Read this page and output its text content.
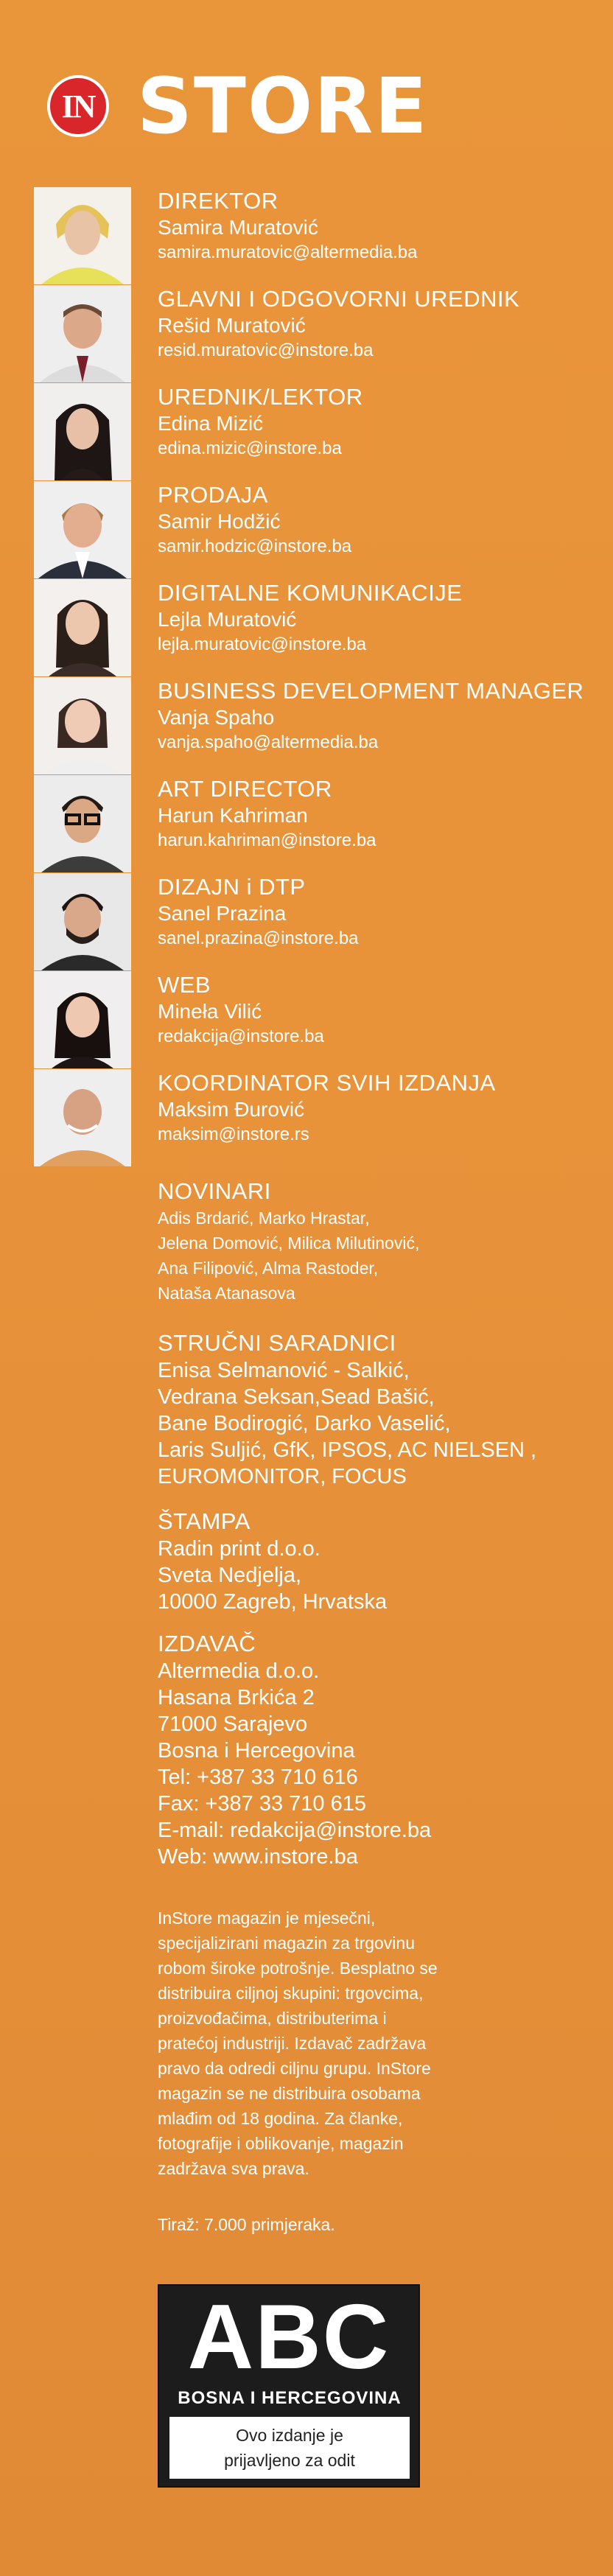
IN STORE
DIREKTOR
Samira Muratović
samira.muratovic@altermedia.ba
GLAVNI I ODGOVORNI UREDNIK
Rešid Muratović
resid.muratovic@instore.ba
UREDNIK/LEKTOR
Edina Mizić
edina.mizic@instore.ba
PRODAJA
Samir Hodžić
samir.hodzic@instore.ba
DIGITALNE KOMUNIKACIJE
Lejla Muratović
lejla.muratovic@instore.ba
BUSINESS DEVELOPMENT MANAGER
Vanja Spaho
vanja.spaho@altermedia.ba
ART DIRECTOR
Harun Kahriman
harun.kahriman@instore.ba
DIZAJN i DTP
Sanel Prazina
sanel.prazina@instore.ba
WEB
Mineła Vilić
redakcija@instore.ba
KOORDINATOR SVIH IZDANJA
Maksim Đurović
maksim@instore.rs
NOVINARI
Adis Brdarić, Marko Hrastar,
Jelena Domović, Milica Milutinović,
Ana Filipović, Alma Rastoder,
Nataša Atanasova
STRUČNI SARADNICI
Enisa Selmanović - Salkić,
Vedrana Seksan,Sead Bašić,
Bane Bodirogić, Darko Vaselić,
Laris Suljić, GfK, IPSOS, AC NIELSEN ,
EUROMONITOR, FOCUS
ŠTAMPA
Radin print d.o.o.
Sveta Nedjelja,
10000 Zagreb, Hrvatska
IZDAVAČ
Altermedia d.o.o.
Hasana Brkića 2
71000 Sarajevo
Bosna i Hercegovina
Tel: +387 33 710 616
Fax: +387 33 710 615
E-mail: redakcija@instore.ba
Web: www.instore.ba
InStore magazin je mjesečni,
specijalizirani magazin za trgovinu
robom široke potrošnje. Besplatno se
distribuira ciljnoj skupini: trgovcima,
proizvođačima, distributerima i
pratećoj industriji. Izdavač zadržava
pravo da odredi ciljnu grupu. InStore
magazin se ne distribuira osobama
mlađim od 18 godina. Za članke,
fotografije i oblikovanje, magazin
zadržava sva prava.
Tiraž: 7.000 primjeraka.
ABC
BOSNA I HERCEGOVINA
Ovo izdanje je
prijavljeno za odit
